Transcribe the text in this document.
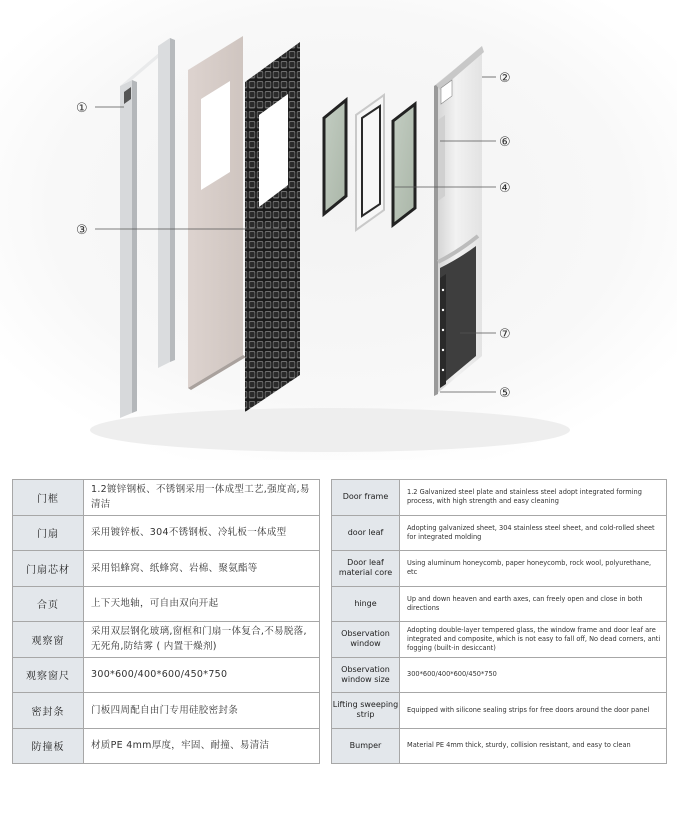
①
②
③
④
⑤
⑥
⑦
门框	1.2镀锌钢板、不锈钢采用一体成型工艺,强度高,易清洁
门扇	采用镀锌板、304不锈钢板、冷轧板一体成型
门扇芯材	采用铝蜂窝、纸蜂窝、岩棉、聚氨酯等
合页	上下天地轴，可自由双向开起
观察窗	采用双层钢化玻璃,窗框和门扇一体复合,不易脱落,无死角,防结雾 ( 内置干燥剂)
观察窗尺	300*600/400*600/450*750
密封条	门板四周配自由门专用硅胶密封条
防撞板	材质PE 4mm厚度，牢固、耐撞、易清洁
Door frame	1.2 Galvanized steel plate and stainless steel adopt integrated forming process, with high strength and easy cleaning
door leaf	Adopting galvanized sheet, 304 stainless steel sheet, and cold-rolled sheet for integrated molding
Door leaf material core	Using aluminum honeycomb, paper honeycomb, rock wool, polyurethane, etc
hinge	Up and down heaven and earth axes, can freely open and close in both directions
Observation window	Adopting double-layer tempered glass, the window frame and door leaf are integrated and composite, which is not easy to fall off, No dead corners, anti fogging (built-in desiccant)
Observation window size	300*600/400*600/450*750
Lifting sweeping strip	Equipped with silicone sealing strips for free doors around the door panel
Bumper	Material PE 4mm thick, sturdy, collision resistant, and easy to clean
